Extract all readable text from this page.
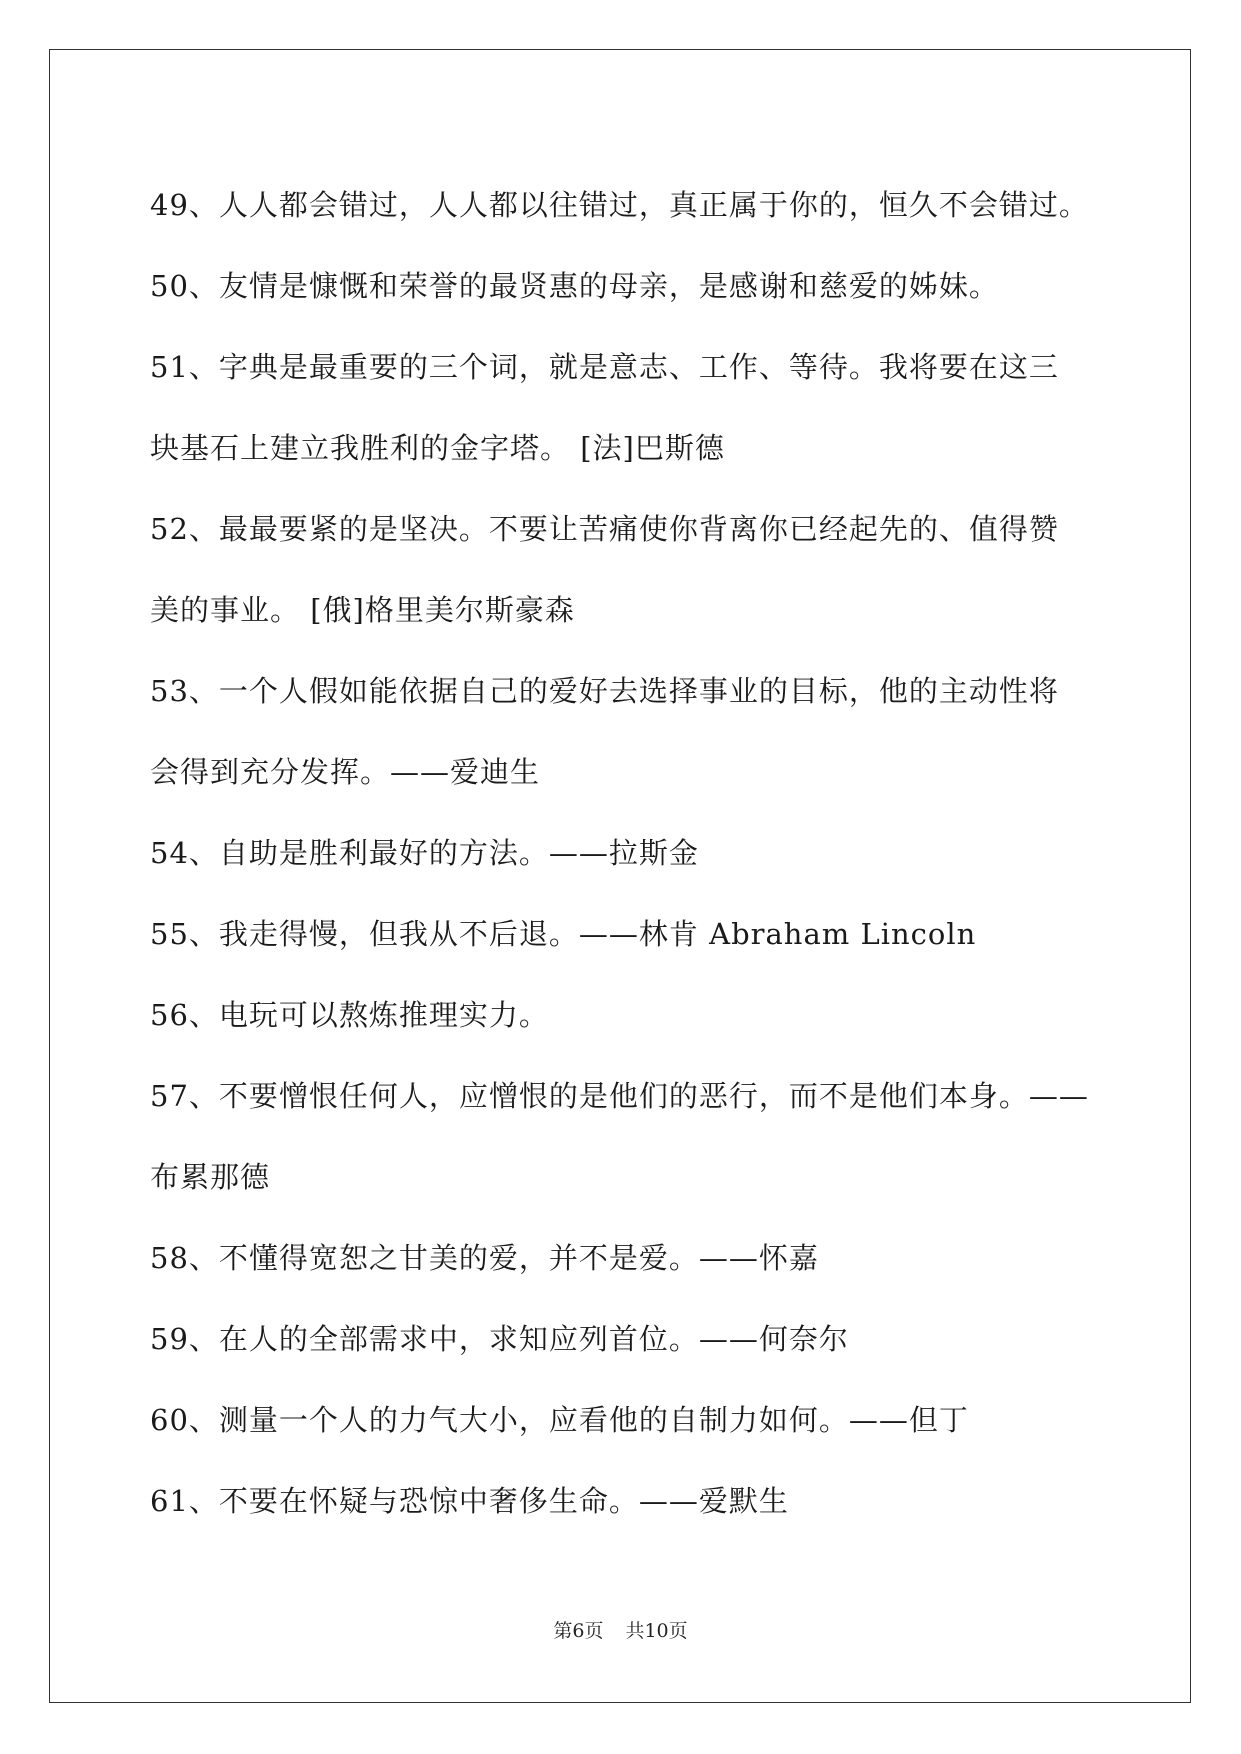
49、人人都会错过，人人都以往错过，真正属于你的，恒久不会错过。
50、友情是慷慨和荣誉的最贤惠的母亲，是感谢和慈爱的姊妹。
51、字典是最重要的三个词，就是意志、工作、等待。我将要在这三
块基石上建立我胜利的金字塔。 [法]巴斯德
52、最最要紧的是坚决。不要让苦痛使你背离你已经起先的、值得赞
美的事业。 [俄]格里美尔斯豪森
53、一个人假如能依据自己的爱好去选择事业的目标，他的主动性将
会得到充分发挥。——爱迪生
54、自助是胜利最好的方法。——拉斯金
55、我走得慢，但我从不后退。——林肯 Abraham Lincoln
56、电玩可以熬炼推理实力。
57、不要憎恨任何人，应憎恨的是他们的恶行，而不是他们本身。——
布累那德
58、不懂得宽恕之甘美的爱，并不是爱。——怀嘉
59、在人的全部需求中，求知应列首位。——何奈尔
60、测量一个人的力气大小，应看他的自制力如何。——但丁
61、不要在怀疑与恐惊中奢侈生命。——爱默生
第6页 共10页
